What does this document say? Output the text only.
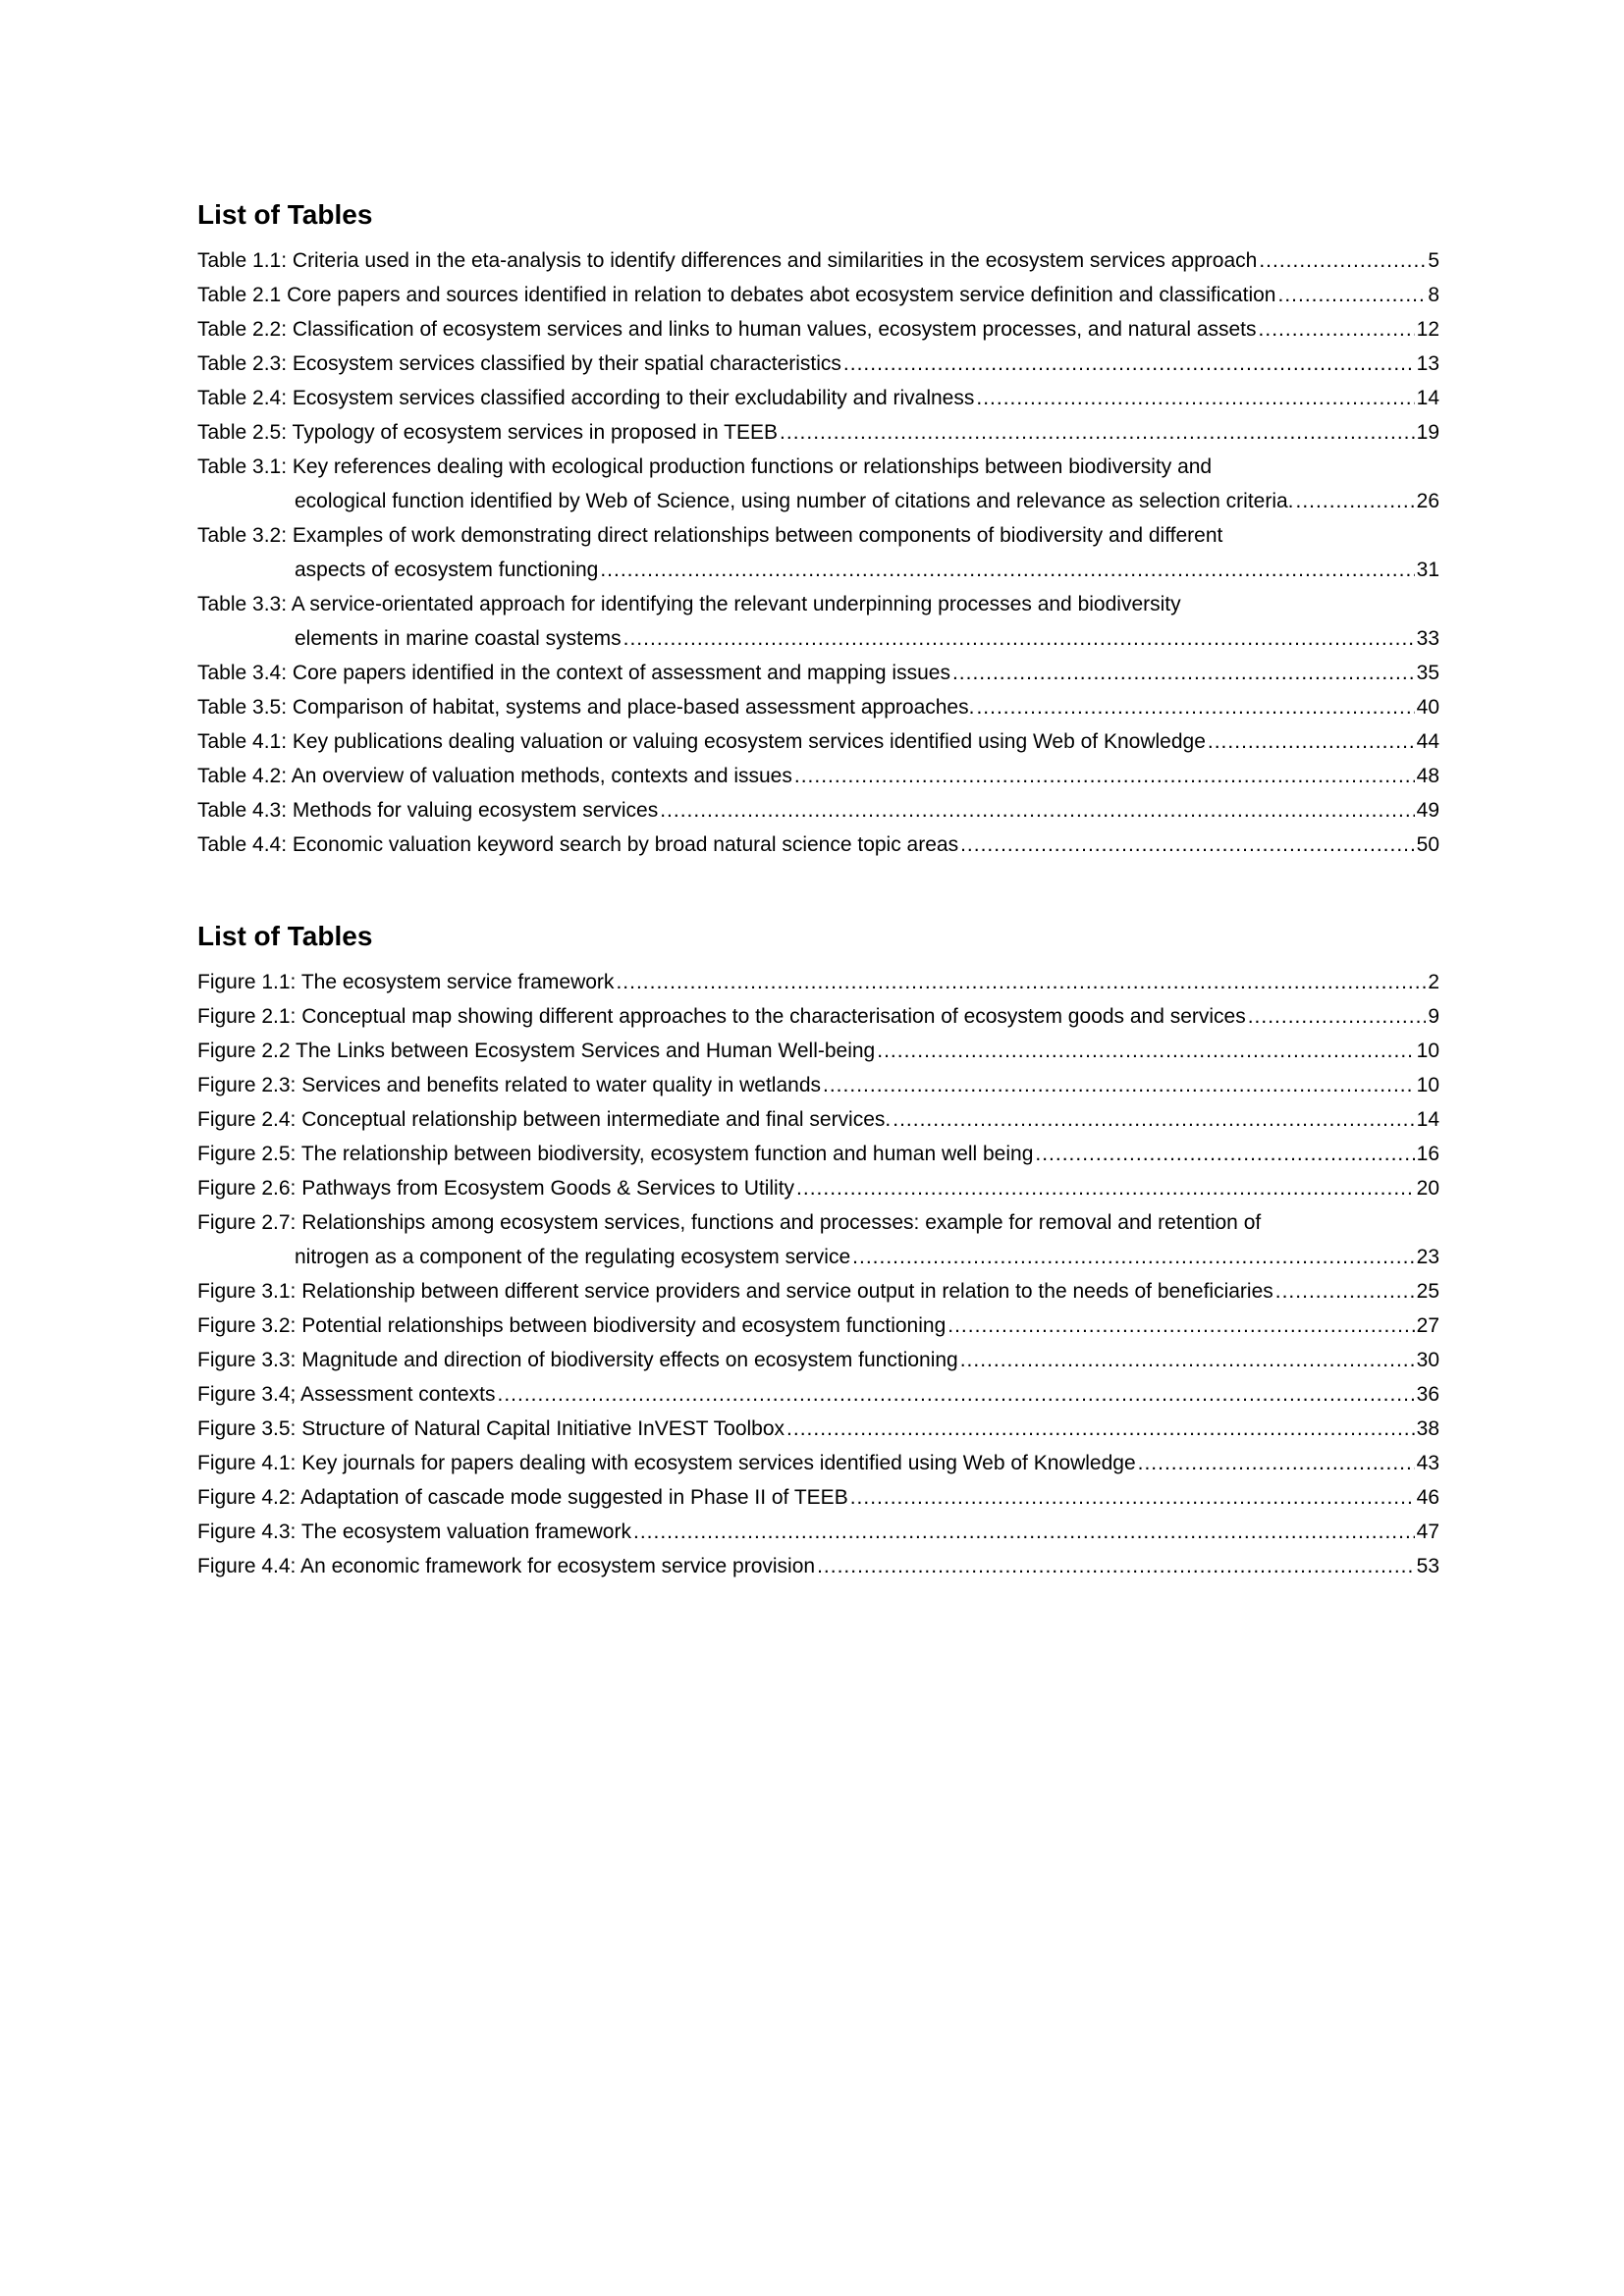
List of Tables
Table 1.1: Criteria used in the eta-analysis to identify differences and similarities in the ecosystem services approach .....	5
Table 2.1 Core papers and sources identified in relation to debates abot ecosystem service definition and classification .....	8
Table 2.2: Classification of ecosystem services and links to human values, ecosystem processes, and natural assets .....	12
Table 2.3: Ecosystem services classified by their spatial characteristics .....	13
Table 2.4: Ecosystem services classified according to their excludability and rivalness .....	14
Table 2.5: Typology of ecosystem services in proposed in TEEB .....	19
Table 3.1: Key references dealing with ecological production functions or relationships between biodiversity and
ecological function identified by Web of Science, using number of citations and relevance as selection criteria. .....	26
Table 3.2: Examples of work demonstrating direct relationships between components of biodiversity and different
aspects of ecosystem functioning .....	31
Table 3.3: A service-orientated approach for identifying the relevant underpinning processes and biodiversity
elements in marine coastal systems .....	33
Table 3.4: Core papers identified in the context of assessment and mapping issues .....	35
Table 3.5: Comparison of habitat, systems and place-based assessment approaches. .....	40
Table 4.1: Key publications dealing valuation or valuing ecosystem services identified using Web of Knowledge .....	44
Table 4.2: An overview of valuation methods, contexts and issues .....	48
Table 4.3: Methods for valuing ecosystem services .....	49
Table 4.4: Economic valuation keyword search by broad natural science topic areas .....	50
List of Tables
Figure 1.1: The ecosystem service framework .....	2
Figure 2.1: Conceptual map showing different approaches to the characterisation of ecosystem goods and services .....	9
Figure 2.2 The Links between Ecosystem Services and Human Well-being .....	10
Figure 2.3: Services and benefits related to water quality in wetlands .....	10
Figure 2.4: Conceptual relationship between intermediate and final services. .....	14
Figure 2.5: The relationship between biodiversity, ecosystem function and human well being .....	16
Figure 2.6: Pathways from Ecosystem Goods & Services to Utility .....	20
Figure 2.7: Relationships among ecosystem services, functions and processes: example for removal and retention of
nitrogen as a component of the regulating ecosystem service .....	23
Figure 3.1: Relationship between different service providers and service output in relation to the needs of beneficiaries .....	25
Figure 3.2: Potential relationships between biodiversity and ecosystem functioning .....	27
Figure 3.3: Magnitude and direction of biodiversity effects on ecosystem functioning .....	30
Figure 3.4; Assessment contexts .....	36
Figure 3.5: Structure of Natural Capital Initiative InVEST Toolbox .....	38
Figure 4.1: Key journals for papers dealing with ecosystem services identified using Web of Knowledge .....	43
Figure 4.2: Adaptation of cascade mode suggested in Phase II of TEEB .....	46
Figure 4.3: The ecosystem valuation framework .....	47
Figure 4.4: An economic framework for ecosystem service provision .....	53
